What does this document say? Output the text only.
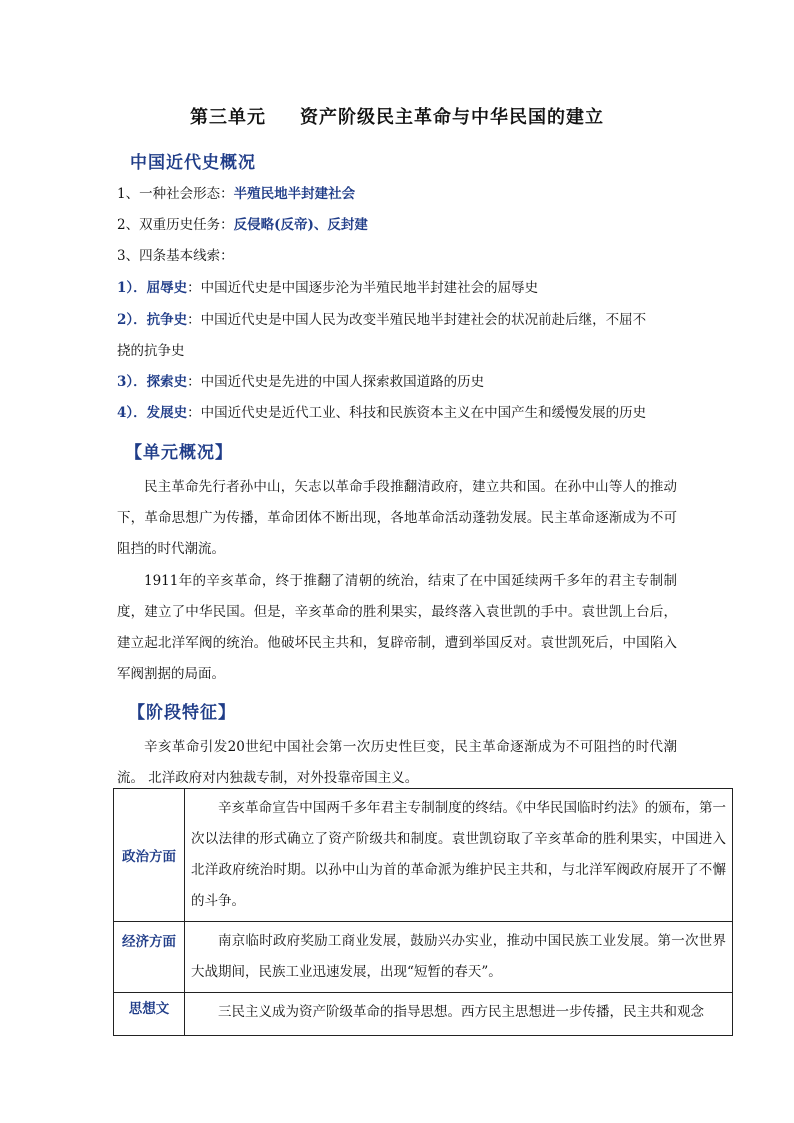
第三单元 资产阶级民主革命与中华民国的建立
中国近代史概况
1、一种社会形态：半殖民地半封建社会
2、双重历史任务：反侵略(反帝)、反封建
3、四条基本线索：
1）．屈辱史：中国近代史是中国逐步沦为半殖民地半封建社会的屈辱史
2）．抗争史：中国近代史是中国人民为改变半殖民地半封建社会的状况前赴后继，不屈不
挠的抗争史
3）．探索史：中国近代史是先进的中国人探索救国道路的历史
4）．发展史：中国近代史是近代工业、科技和民族资本主义在中国产生和缓慢发展的历史
【单元概况】
民主革命先行者孙中山，矢志以革命手段推翻清政府，建立共和国。在孙中山等人的推动下，革命思想广为传播，革命团体不断出现，各地革命活动蓬勃发展。民主革命逐渐成为不可阻挡的时代潮流。
1911年的辛亥革命，终于推翻了清朝的统治，结束了在中国延续两千多年的君主专制制度，建立了中华民国。但是，辛亥革命的胜利果实，最终落入袁世凯的手中。袁世凯上台后，建立起北洋军阀的统治。他破坏民主共和，复辟帝制，遭到举国反对。袁世凯死后，中国陷入军阀割据的局面。
【阶段特征】
辛亥革命引发20世纪中国社会第一次历史性巨变，民主革命逐渐成为不可阻挡的时代潮流。 北洋政府对内独裁专制，对外投靠帝国主义。
政治方面	辛亥革命宣告中国两千多年君主专制制度的终结。《中华民国临时约法》的颁布，第一次以法律的形式确立了资产阶级共和制度。袁世凯窃取了辛亥革命的胜利果实，中国进入北洋政府统治时期。以孙中山为首的革命派为维护民主共和，与北洋军阀政府展开了不懈的斗争。
经济方面	南京临时政府奖励工商业发展，鼓励兴办实业，推动中国民族工业发展。第一次世界大战期间，民族工业迅速发展，出现“短暂的春天”。
思想文	三民主义成为资产阶级革命的指导思想。西方民主思想进一步传播，民主共和观念
